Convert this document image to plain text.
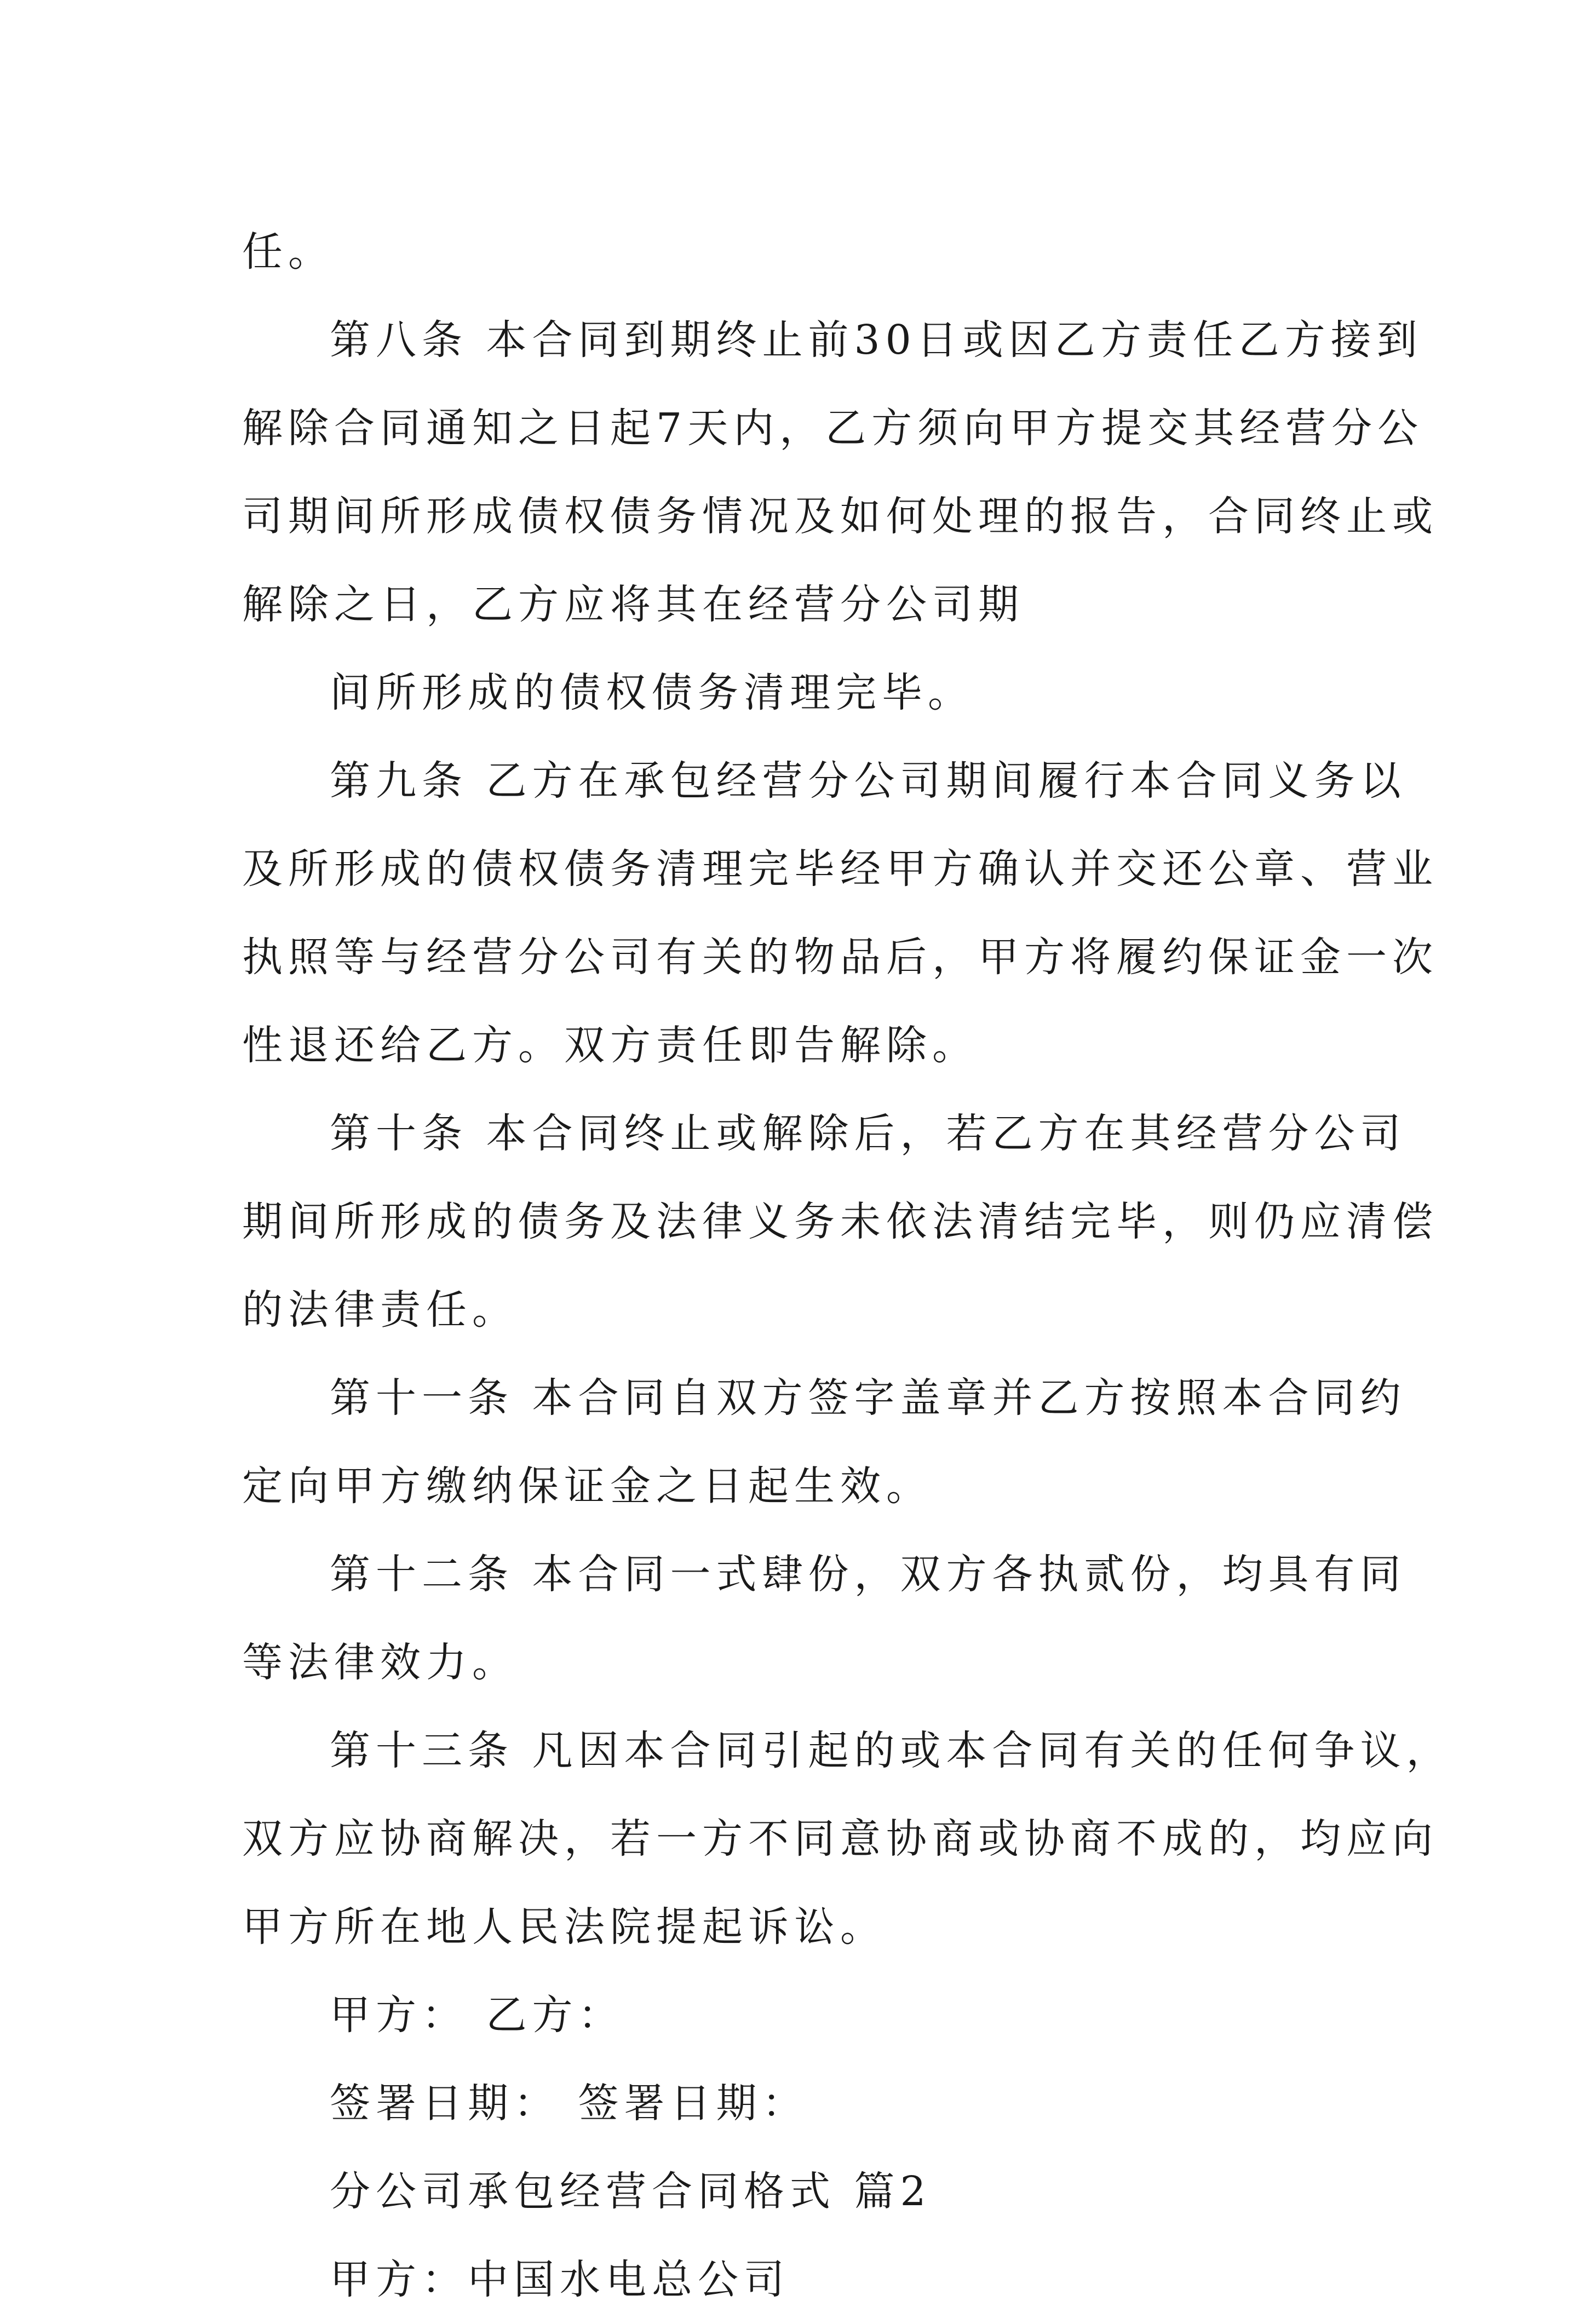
任。
第八条 本合同到期终止前30日或因乙方责任乙方接到
解除合同通知之日起7天内，乙方须向甲方提交其经营分公
司期间所形成债权债务情况及如何处理的报告，合同终止或
解除之日，乙方应将其在经营分公司期
间所形成的债权债务清理完毕。
第九条 乙方在承包经营分公司期间履行本合同义务以
及所形成的债权债务清理完毕经甲方确认并交还公章、营业
执照等与经营分公司有关的物品后，甲方将履约保证金一次
性退还给乙方。双方责任即告解除。
第十条 本合同终止或解除后，若乙方在其经营分公司
期间所形成的债务及法律义务未依法清结完毕，则仍应清偿
的法律责任。
第十一条 本合同自双方签字盖章并乙方按照本合同约
定向甲方缴纳保证金之日起生效。
第十二条 本合同一式肆份，双方各执贰份，均具有同
等法律效力。
第十三条 凡因本合同引起的或本合同有关的任何争议，
双方应协商解决，若一方不同意协商或协商不成的，均应向
甲方所在地人民法院提起诉讼。
甲方： 乙方：
签署日期： 签署日期：
分公司承包经营合同格式 篇2
甲方：中国水电总公司
